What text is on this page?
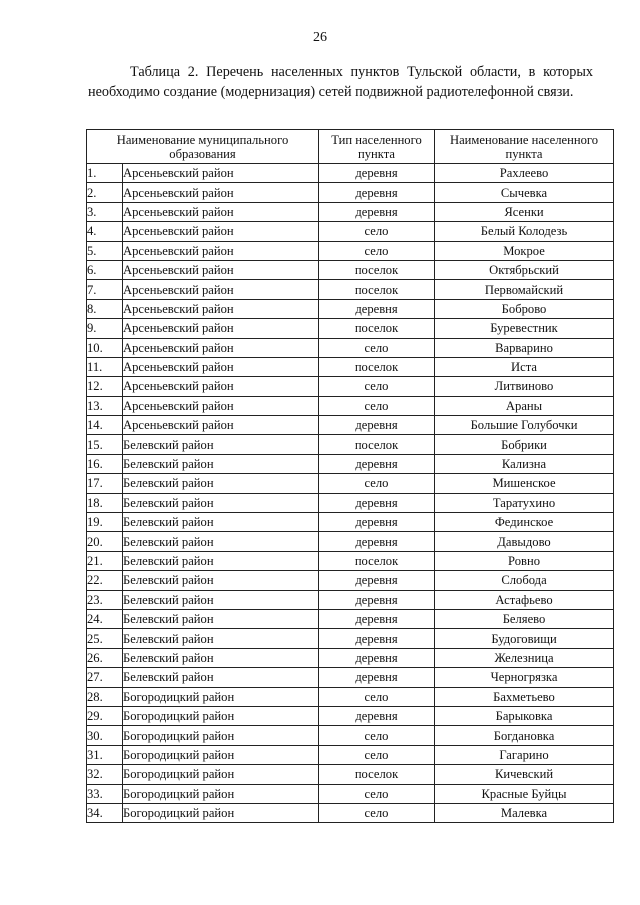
26

Таблица 2. Перечень населенных пунктов Тульской области, в которых необходимо создание (модернизация) сетей подвижной радиотелефонной связи.

Наименование муниципального образования		Тип населенного пункта	Наименование населенного пункта
1.	Арсеньевский район	деревня	Рахлеево
2.	Арсеньевский район	деревня	Сычевка
3.	Арсеньевский район	деревня	Ясенки
4.	Арсеньевский район	село	Белый Колодезь
5.	Арсеньевский район	село	Мокрое
6.	Арсеньевский район	поселок	Октябрьский
7.	Арсеньевский район	поселок	Первомайский
8.	Арсеньевский район	деревня	Боброво
9.	Арсеньевский район	поселок	Буревестник
10.	Арсеньевский район	село	Варварино
11.	Арсеньевский район	поселок	Иста
12.	Арсеньевский район	село	Литвиново
13.	Арсеньевский район	село	Араны
14.	Арсеньевский район	деревня	Большие Голубочки
15.	Белевский район	поселок	Бобрики
16.	Белевский район	деревня	Кализна
17.	Белевский район	село	Мишенское
18.	Белевский район	деревня	Таратухино
19.	Белевский район	деревня	Фединское
20.	Белевский район	деревня	Давыдово
21.	Белевский район	поселок	Ровно
22.	Белевский район	деревня	Слобода
23.	Белевский район	деревня	Астафьево
24.	Белевский район	деревня	Беляево
25.	Белевский район	деревня	Будоговищи
26.	Белевский район	деревня	Железница
27.	Белевский район	деревня	Черногрязка
28.	Богородицкий район	село	Бахметьево
29.	Богородицкий район	деревня	Барыковка
30.	Богородицкий район	село	Богдановка
31.	Богородицкий район	село	Гагарино
32.	Богородицкий район	поселок	Кичевский
33.	Богородицкий район	село	Красные Буйцы
34.	Богородицкий район	село	Малевка
